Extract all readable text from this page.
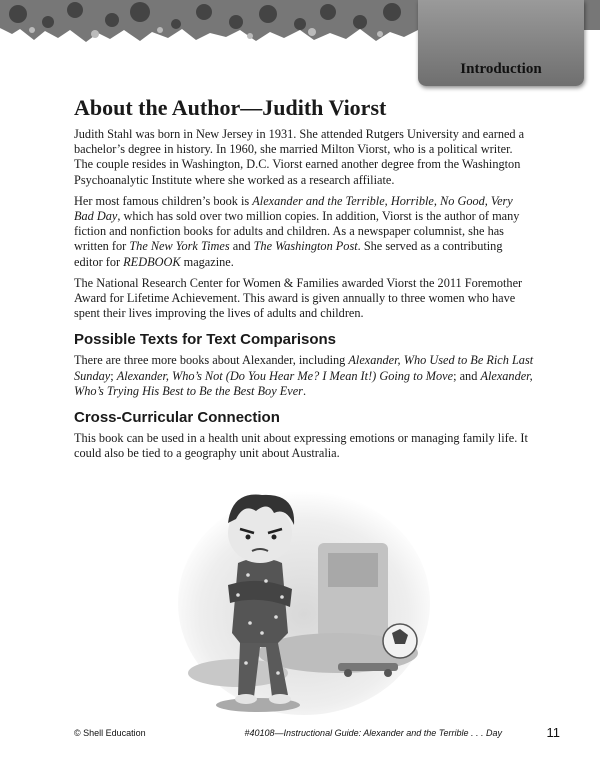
Introduction
About the Author—Judith Viorst

Judith Stahl was born in New Jersey in 1931. She attended Rutgers University and earned a bachelor’s degree in history. In 1960, she married Milton Viorst, who is a political writer. The couple resides in Washington, D.C. Viorst earned another degree from the Washington Psychoanalytic Institute where she worked as a research affiliate.

Her most famous children’s book is Alexander and the Terrible, Horrible, No Good, Very Bad Day, which has sold over two million copies. In addition, Viorst is the author of many fiction and nonfiction books for adults and children. As a newspaper columnist, she has written for The New York Times and The Washington Post. She served as a contributing editor for REDBOOK magazine.

The National Research Center for Women & Families awarded Viorst the 2011 Foremother Award for Lifetime Achievement. This award is given annually to three women who have spent their lives improving the lives of adults and children.

Possible Texts for Text Comparisons

There are three more books about Alexander, including Alexander, Who Used to Be Rich Last Sunday; Alexander, Who’s Not (Do You Hear Me? I Mean It!) Going to Move; and Alexander, Who’s Trying His Best to Be the Best Boy Ever.

Cross-Curricular Connection

This book can be used in a health unit about expressing emotions or managing family life. It could also be tied to a geography unit about Australia.

© Shell Education	#40108—Instructional Guide: Alexander and the Terrible . . . Day	11
